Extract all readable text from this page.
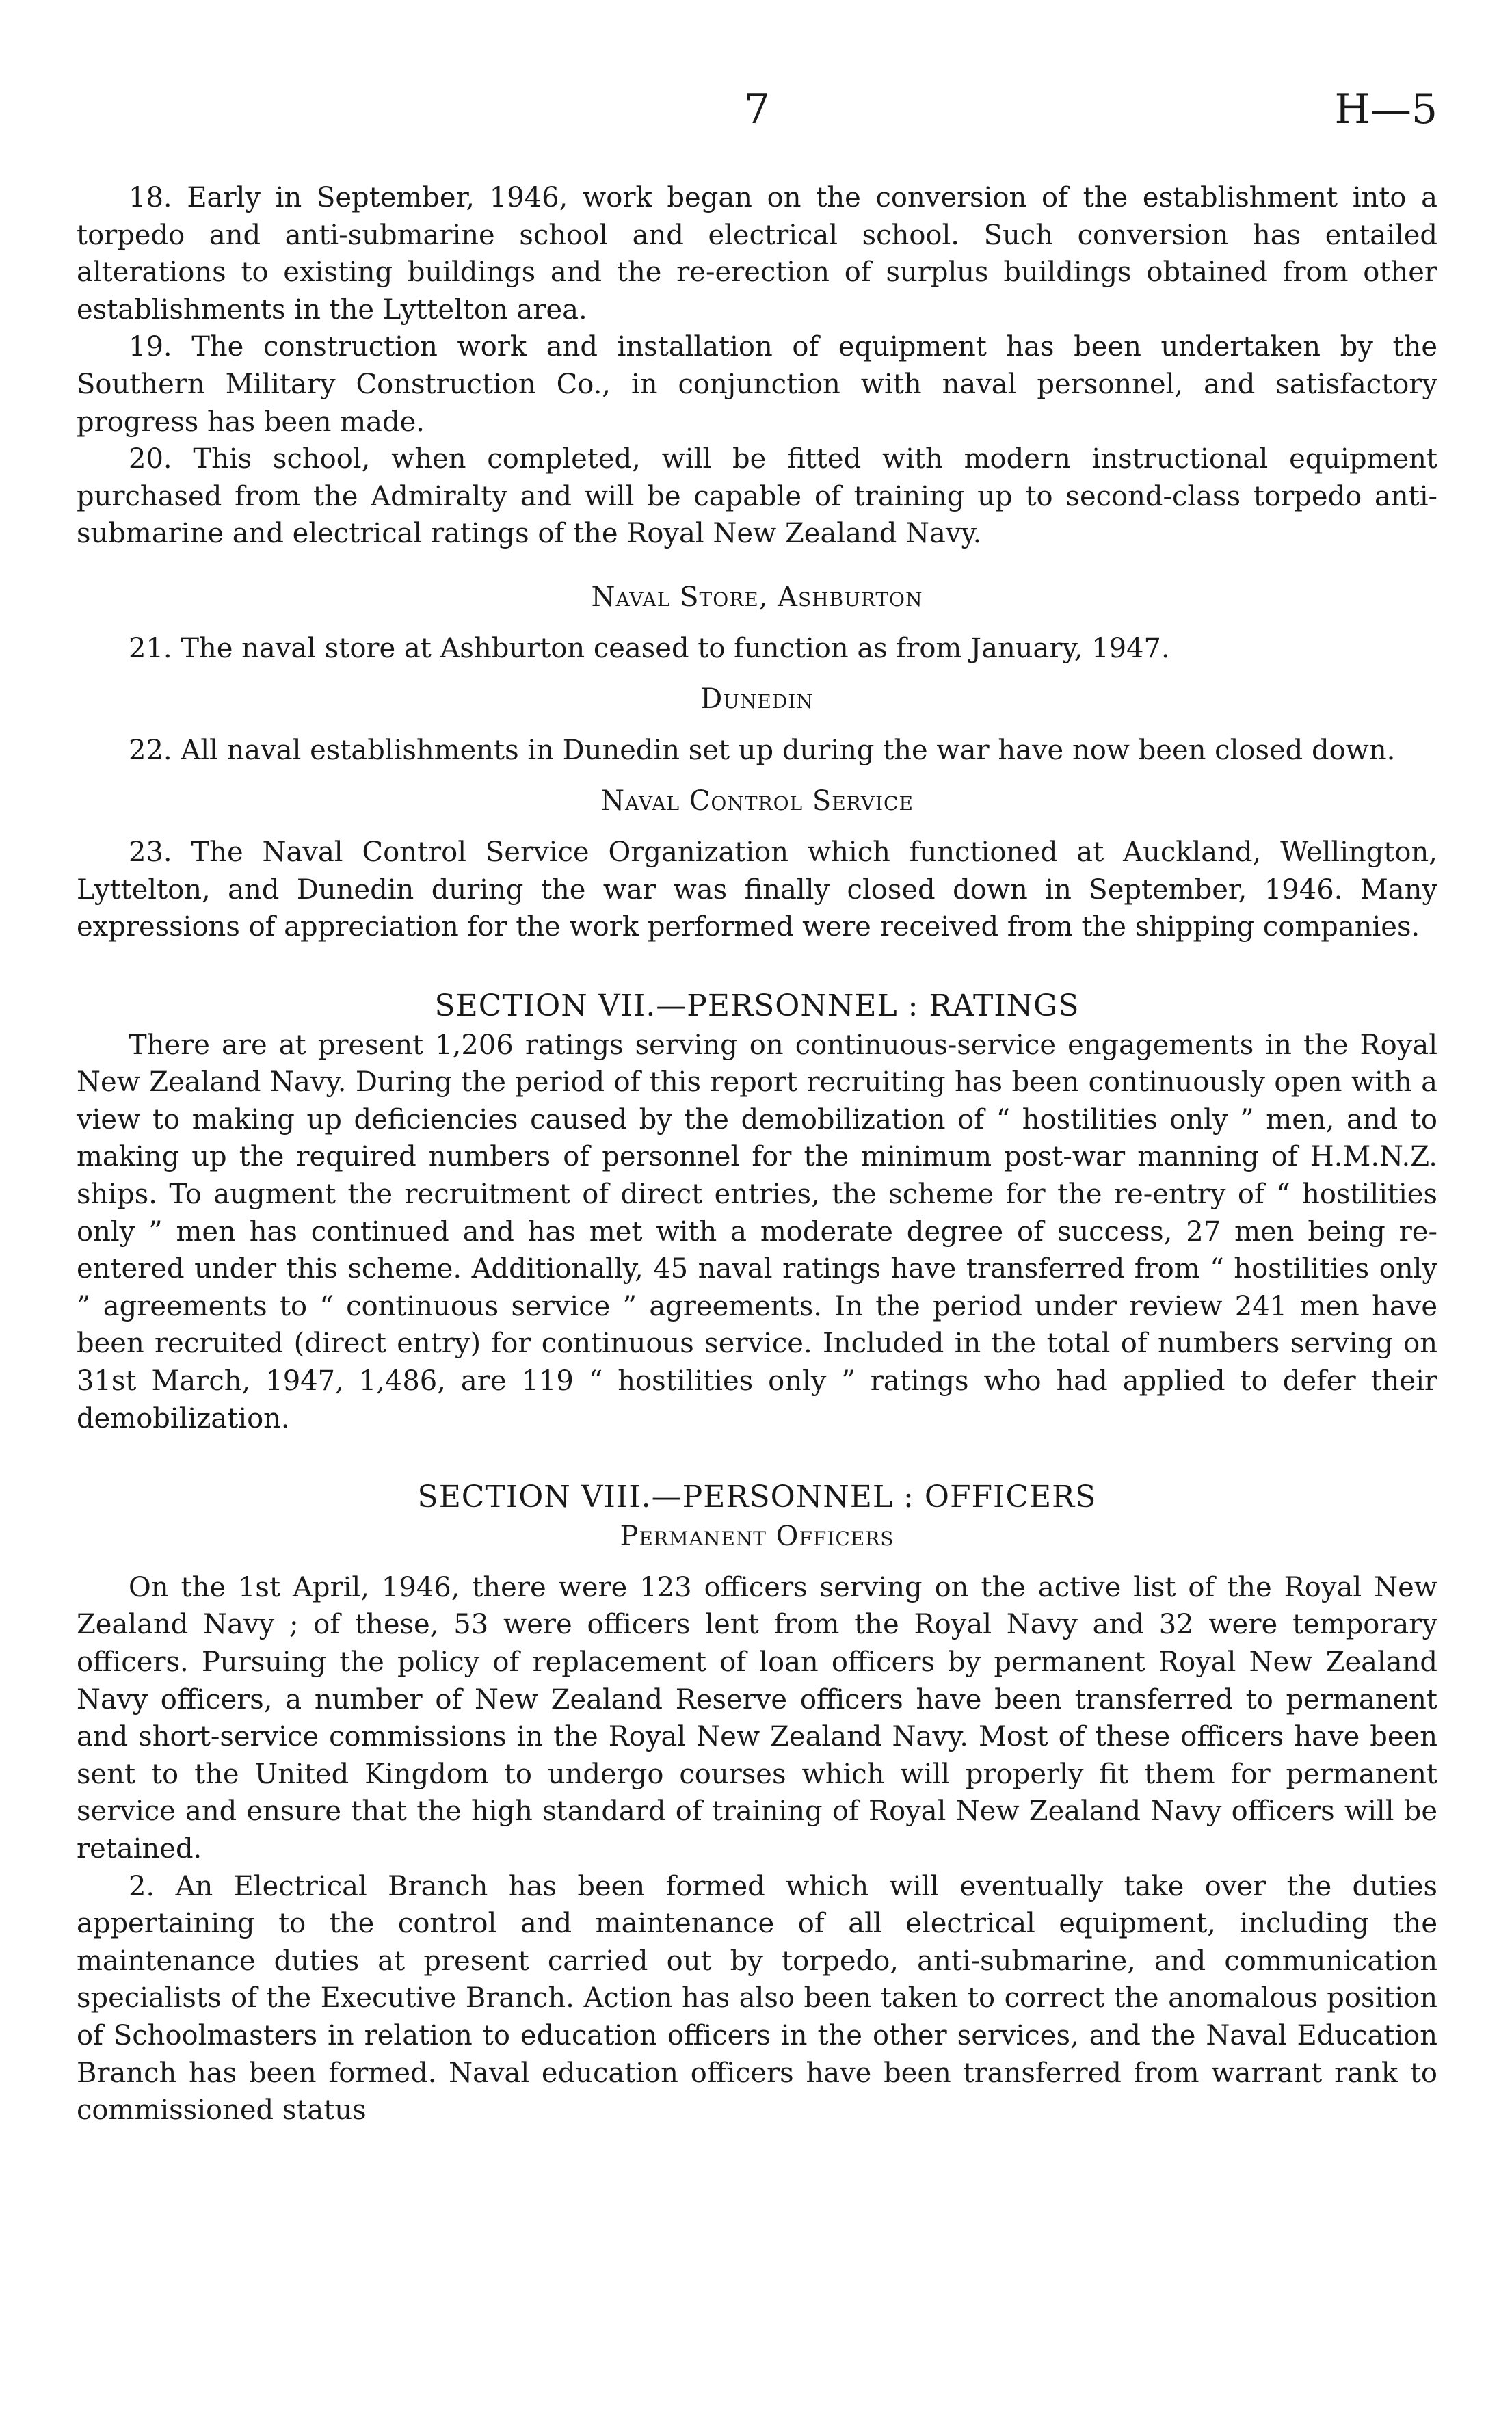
7	H—5

18. Early in September, 1946, work began on the conversion of the establishment into a torpedo and anti-submarine school and electrical school. Such conversion has entailed alterations to existing buildings and the re-erection of surplus buildings obtained from other establishments in the Lyttelton area.

19. The construction work and installation of equipment has been undertaken by the Southern Military Construction Co., in conjunction with naval personnel, and satisfactory progress has been made.

20. This school, when completed, will be fitted with modern instructional equipment purchased from the Admiralty and will be capable of training up to second-class torpedo anti-submarine and electrical ratings of the Royal New Zealand Navy.

Naval Store, Ashburton

21. The naval store at Ashburton ceased to function as from January, 1947.

Dunedin

22. All naval establishments in Dunedin set up during the war have now been closed down.

Naval Control Service

23. The Naval Control Service Organization which functioned at Auckland, Wellington, Lyttelton, and Dunedin during the war was finally closed down in September, 1946. Many expressions of appreciation for the work performed were received from the shipping companies.

SECTION VII.—PERSONNEL : RATINGS

There are at present 1,206 ratings serving on continuous-service engagements in the Royal New Zealand Navy. During the period of this report recruiting has been continuously open with a view to making up deficiencies caused by the demobilization of “ hostilities only ” men, and to making up the required numbers of personnel for the minimum post-war manning of H.M.N.Z. ships. To augment the recruitment of direct entries, the scheme for the re-entry of “ hostilities only ” men has continued and has met with a moderate degree of success, 27 men being re-entered under this scheme. Additionally, 45 naval ratings have transferred from “ hostilities only ” agreements to “ continuous service ” agreements. In the period under review 241 men have been recruited (direct entry) for continuous service. Included in the total of numbers serving on 31st March, 1947, 1,486, are 119 “ hostilities only ” ratings who had applied to defer their demobilization.

SECTION VIII.—PERSONNEL : OFFICERS
Permanent Officers

On the 1st April, 1946, there were 123 officers serving on the active list of the Royal New Zealand Navy ; of these, 53 were officers lent from the Royal Navy and 32 were temporary officers. Pursuing the policy of replacement of loan officers by permanent Royal New Zealand Navy officers, a number of New Zealand Reserve officers have been transferred to permanent and short-service commissions in the Royal New Zealand Navy. Most of these officers have been sent to the United Kingdom to undergo courses which will properly fit them for permanent service and ensure that the high standard of training of Royal New Zealand Navy officers will be retained.

2. An Electrical Branch has been formed which will eventually take over the duties appertaining to the control and maintenance of all electrical equipment, including the maintenance duties at present carried out by torpedo, anti-submarine, and communication specialists of the Executive Branch. Action has also been taken to correct the anomalous position of Schoolmasters in relation to education officers in the other services, and the Naval Education Branch has been formed. Naval education officers have been transferred from warrant rank to commissioned status
